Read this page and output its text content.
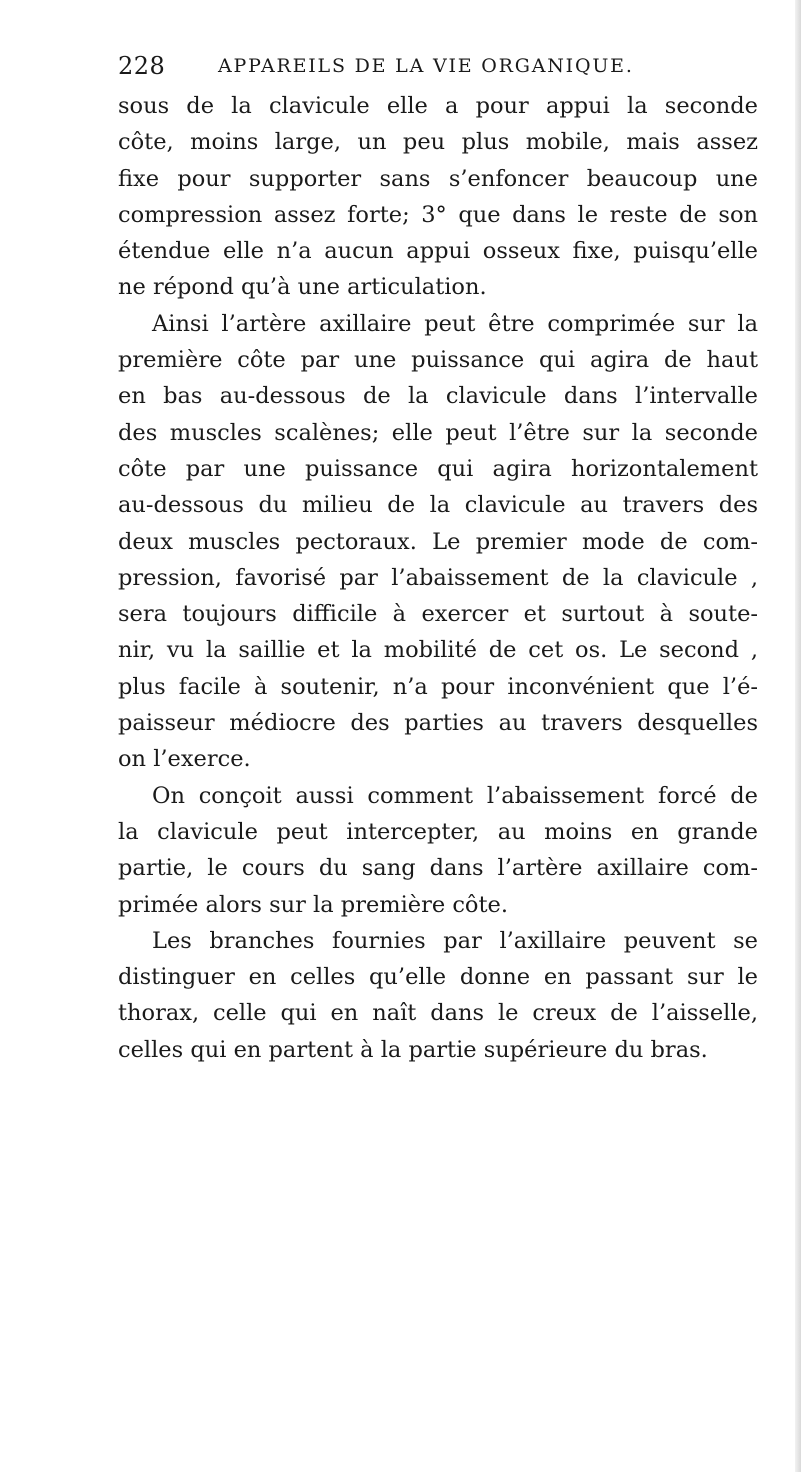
228	APPAREILS DE LA VIE ORGANIQUE.
sous de la clavicule elle a pour appui la seconde
côte, moins large, un peu plus mobile, mais assez
fixe pour supporter sans s’enfoncer beaucoup une
compression assez forte; 3° que dans le reste de son
étendue elle n’a aucun appui osseux fixe, puisqu’elle
ne répond qu’à une articulation.
Ainsi l’artère axillaire peut être comprimée sur la
première côte par une puissance qui agira de haut
en bas au-dessous de la clavicule dans l’intervalle
des muscles scalènes; elle peut l’être sur la seconde
côte par une puissance qui agira horizontalement
au-dessous du milieu de la clavicule au travers des
deux muscles pectoraux. Le premier mode de com-
pression, favorisé par l’abaissement de la clavicule ,
sera toujours difficile à exercer et surtout à soute-
nir, vu la saillie et la mobilité de cet os. Le second ,
plus facile à soutenir, n’a pour inconvénient que l’é-
paisseur médiocre des parties au travers desquelles
on l’exerce.
On conçoit aussi comment l’abaissement forcé de
la clavicule peut intercepter, au moins en grande
partie, le cours du sang dans l’artère axillaire com-
primée alors sur la première côte.
Les branches fournies par l’axillaire peuvent se
distinguer en celles qu’elle donne en passant sur le
thorax, celle qui en naît dans le creux de l’aisselle,
celles qui en partent à la partie supérieure du bras.
